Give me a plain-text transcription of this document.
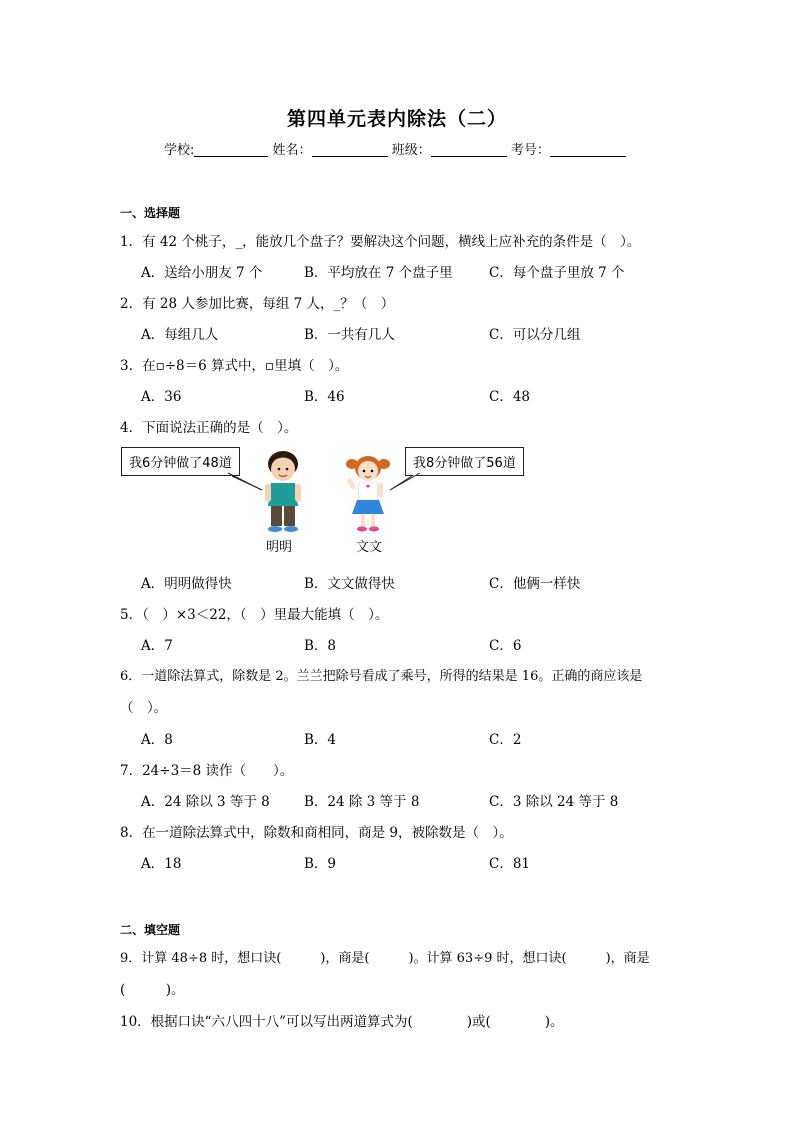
第四单元表内除法（二）
学校:	姓名：	班级：	考号：
一、选择题
1．有 42 个桃子，_，能放几个盘子？要解决这个问题，横线上应补充的条件是（　）。
A．送给小朋友 7 个	B．平均放在 7 个盘子里	C．每个盘子里放 7 个
2．有 28 人参加比赛，每组 7 人，_？（　）
A．每组几人	B．一共有几人	C．可以分几组
3．在▫÷8＝6 算式中，▫里填（　）。
A．36	B．46	C．48
4．下面说法正确的是（　）。
我6分钟做了48道	我8分钟做了56道
明明	文文
A．明明做得快	B．文文做得快	C．他俩一样快
5．（　）×3＜22，（　）里最大能填（　）。
A．7	B．8	C．6
6．一道除法算式，除数是 2。兰兰把除号看成了乘号，所得的结果是 16。正确的商应该是
（　）。
A．8	B．4	C．2
7．24÷3＝8 读作（　　）。
A．24 除以 3 等于 8	B．24 除 3 等于 8	C．3 除以 24 等于 8
8．在一道除法算式中，除数和商相同，商是 9，被除数是（　）。
A．18	B．9	C．81
二、填空题
9．计算 48÷8 时，想口诀(　　　)，商是(　　　)。计算 63÷9 时，想口诀(　　　)，商是
(　　　)。
10．根据口诀“六八四十八”可以写出两道算式为(　　　　)或(　　　　)。
